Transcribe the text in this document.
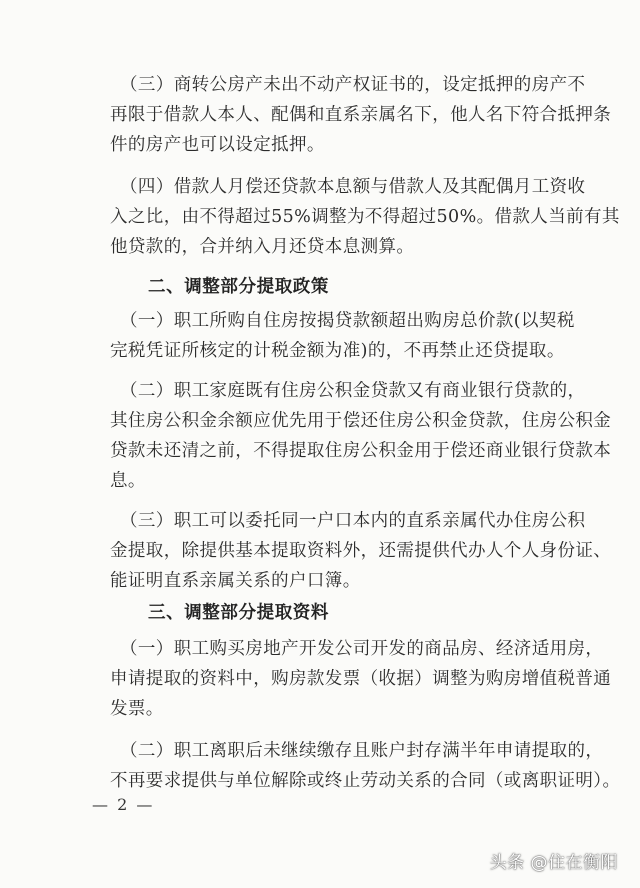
（三）商转公房产未出不动产权证书的，设定抵押的房产不
再限于借款人本人、配偶和直系亲属名下，他人名下符合抵押条
件的房产也可以设定抵押。
（四）借款人月偿还贷款本息额与借款人及其配偶月工资收
入之比，由不得超过55%调整为不得超过50%。借款人当前有其
他贷款的，合并纳入月还贷本息测算。
二、调整部分提取政策
（一）职工所购自住房按揭贷款额超出购房总价款(以契税
完税凭证所核定的计税金额为准)的，不再禁止还贷提取。
（二）职工家庭既有住房公积金贷款又有商业银行贷款的，
其住房公积金余额应优先用于偿还住房公积金贷款，住房公积金
贷款未还清之前，不得提取住房公积金用于偿还商业银行贷款本
息。
（三）职工可以委托同一户口本内的直系亲属代办住房公积
金提取，除提供基本提取资料外，还需提供代办人个人身份证、
能证明直系亲属关系的户口簿。
三、调整部分提取资料
（一）职工购买房地产开发公司开发的商品房、经济适用房，
申请提取的资料中，购房款发票（收据）调整为购房增值税普通
发票。
（二）职工离职后未继续缴存且账户封存满半年申请提取的，
不再要求提供与单位解除或终止劳动关系的合同（或离职证明）。
— 2 —
头条 @住在衡阳
